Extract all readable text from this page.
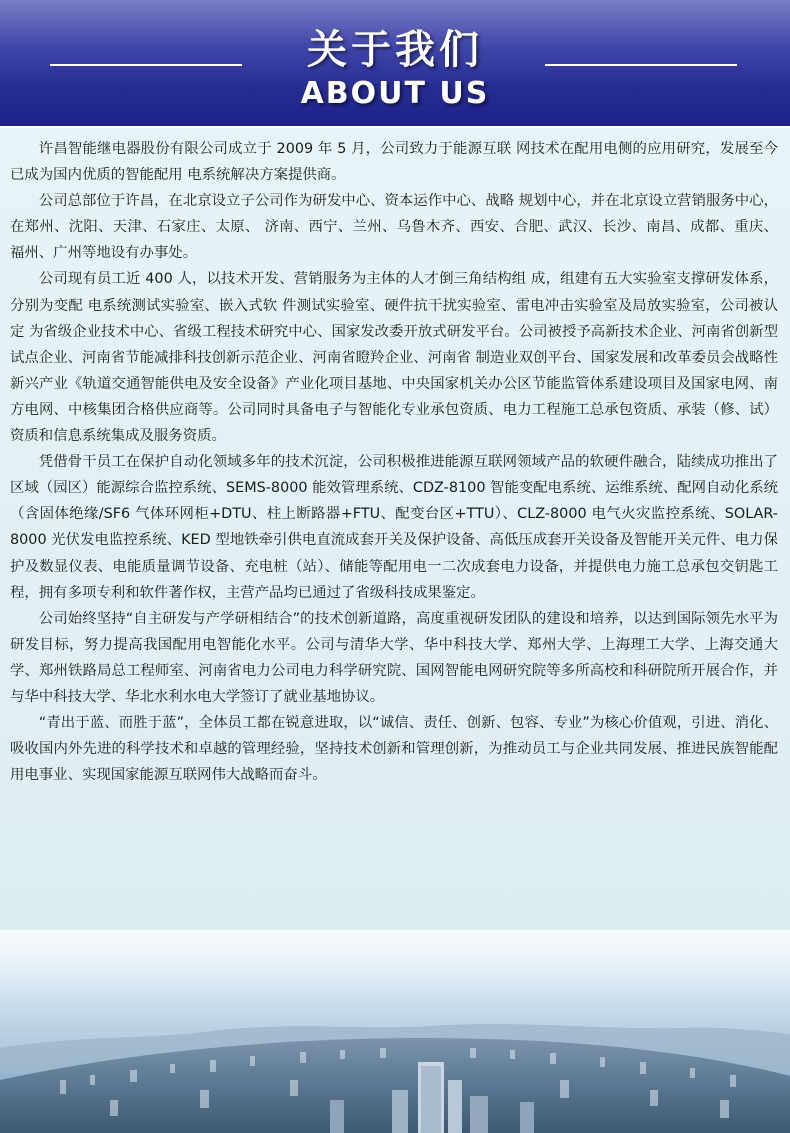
关于我们
ABOUT US

许昌智能继电器股份有限公司成立于 2009 年 5 月，公司致力于能源互联 网技术在配用电侧的应用研究，发展至今已成为国内优质的智能配用 电系统解决方案提供商。

公司总部位于许昌，在北京设立子公司作为研发中心、资本运作中心、战略 规划中心，并在北京设立营销服务中心，在郑州、沈阳、天津、石家庄、太原、 济南、西宁、兰州、乌鲁木齐、西安、合肥、武汉、长沙、南昌、成都、重庆、 福州、广州等地设有办事处。

公司现有员工近 400 人，以技术开发、营销服务为主体的人才倒三角结构组 成，组建有五大实验室支撑研发体系，分别为变配 电系统测试实验室、嵌入式软 件测试实验室、硬件抗干扰实验室、雷电冲击实验室及局放实验室，公司被认定 为省级企业技术中心、省级工程技术研究中心、国家发改委开放式研发平台。公司被授予高新技术企业、河南省创新型试点企业、河南省节能减排科技创新示范企业、河南省瞪羚企业、河南省 制造业双创平台、国家发展和改革委员会战略性新兴产业《轨道交通智能供电及安全设备》产业化项目基地、中央国家机关办公区节能监管体系建设项目及国家电网、南方电网、中核集团合格供应商等。公司同时具备电子与智能化专业承包资质、电力工程施工总承包资质、承装（修、试）资质和信息系统集成及服务资质。

凭借骨干员工在保护自动化领域多年的技术沉淀，公司积极推进能源互联网领域产品的软硬件融合，陆续成功推出了区域（园区）能源综合监控系统、SEMS-8000 能效管理系统、CDZ-8100 智能变配电系统、运维系统、配网自动化系统（含固体绝缘/SF6 气体环网柜+DTU、柱上断路器+FTU、配变台区+TTU）、CLZ-8000 电气火灾监控系统、SOLAR-8000 光伏发电监控系统、KED 型地铁牵引供电直流成套开关及保护设备、高低压成套开关设备及智能开关元件、电力保护及数显仪表、电能质量调节设备、充电桩（站）、储能等配用电一二次成套电力设备，并提供电力施工总承包交钥匙工程，拥有多项专利和软件著作权，主营产品均已通过了省级科技成果鉴定。

公司始终坚持“自主研发与产学研相结合”的技术创新道路，高度重视研发团队的建设和培养，以达到国际领先水平为研发目标，努力提高我国配用电智能化水平。公司与清华大学、华中科技大学、郑州大学、上海理工大学、上海交通大学、郑州铁路局总工程师室、河南省电力公司电力科学研究院、国网智能电网研究院等多所高校和科研院所开展合作，并与华中科技大学、华北水利水电大学签订了就业基地协议。

“青出于蓝、而胜于蓝”，全体员工都在锐意进取，以“诚信、责任、创新、包容、专业”为核心价值观，引进、消化、吸收国内外先进的科学技术和卓越的管理经验，坚持技术创新和管理创新，为推动员工与企业共同发展、推进民族智能配用电事业、实现国家能源互联网伟大战略而奋斗。
